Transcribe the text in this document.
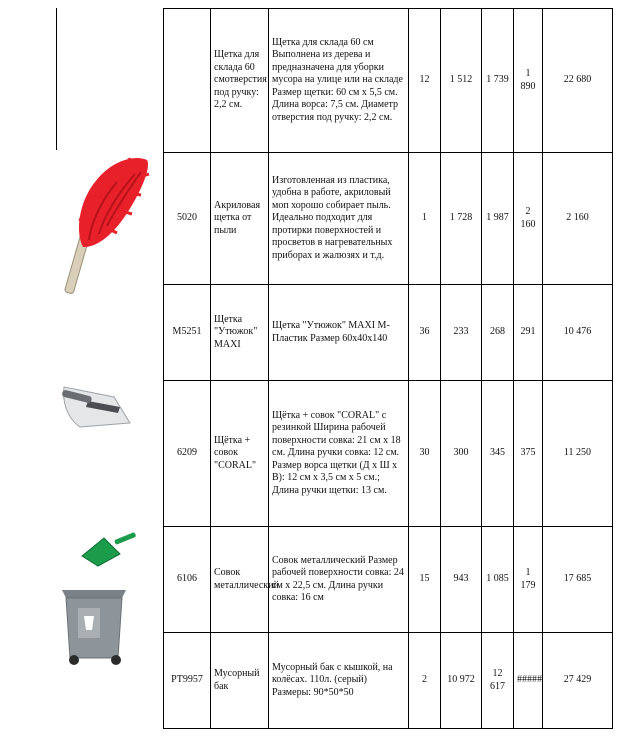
	Щетка для склада 60 смотверстия под ручку: 2,2 см.	Щетка для склада 60 см Выполнена из дерева и предназначена для уборки мусора на улице или на складе Размер щетки: 60 см х 5,5 см. Длина ворса: 7,5 см. Диаметр отверстия под ручку: 2,2 см.	12	1 512	1 739	1 890	22 680
5020	Акриловая щетка от пыли	Изготовленная из пластика, удобна в работе, акриловый моп хорошо собирает пыль. Идеально подходит для протирки поверхностей и просветов в нагревательных приборах и жалюзях и т.д.	1	1 728	1 987	2 160	2 160
M5251	Щетка "Утюжок" MAXI	Щетка "Утюжок" MAXI M-Пластик Размер 60х40х140	36	233	268	291	10 476
6209	Щётка + совок "CORAL"	Щётка + совок "CORAL" с резинкой Ширина рабочей поверхности совка: 21 см х 18 см. Длина ручки совка: 12 см. Размер ворса щетки (Д х Ш х В): 12 см х 3,5 см х 5 см.; Длина ручки щетки: 13 см.	30	300	345	375	11 250
6106	Совок металлический	Совок металлический Размер рабочей поверхности совка: 24 см х 22,5 см. Длина ручки совка: 16 см	15	943	1 085	1 179	17 685
PT9957	Мусорный бак	Мусорный бак с кышкой, на колёсах. 110л. (серый) Размеры: 90*50*50	2	10 972	12 617	#####	27 429
